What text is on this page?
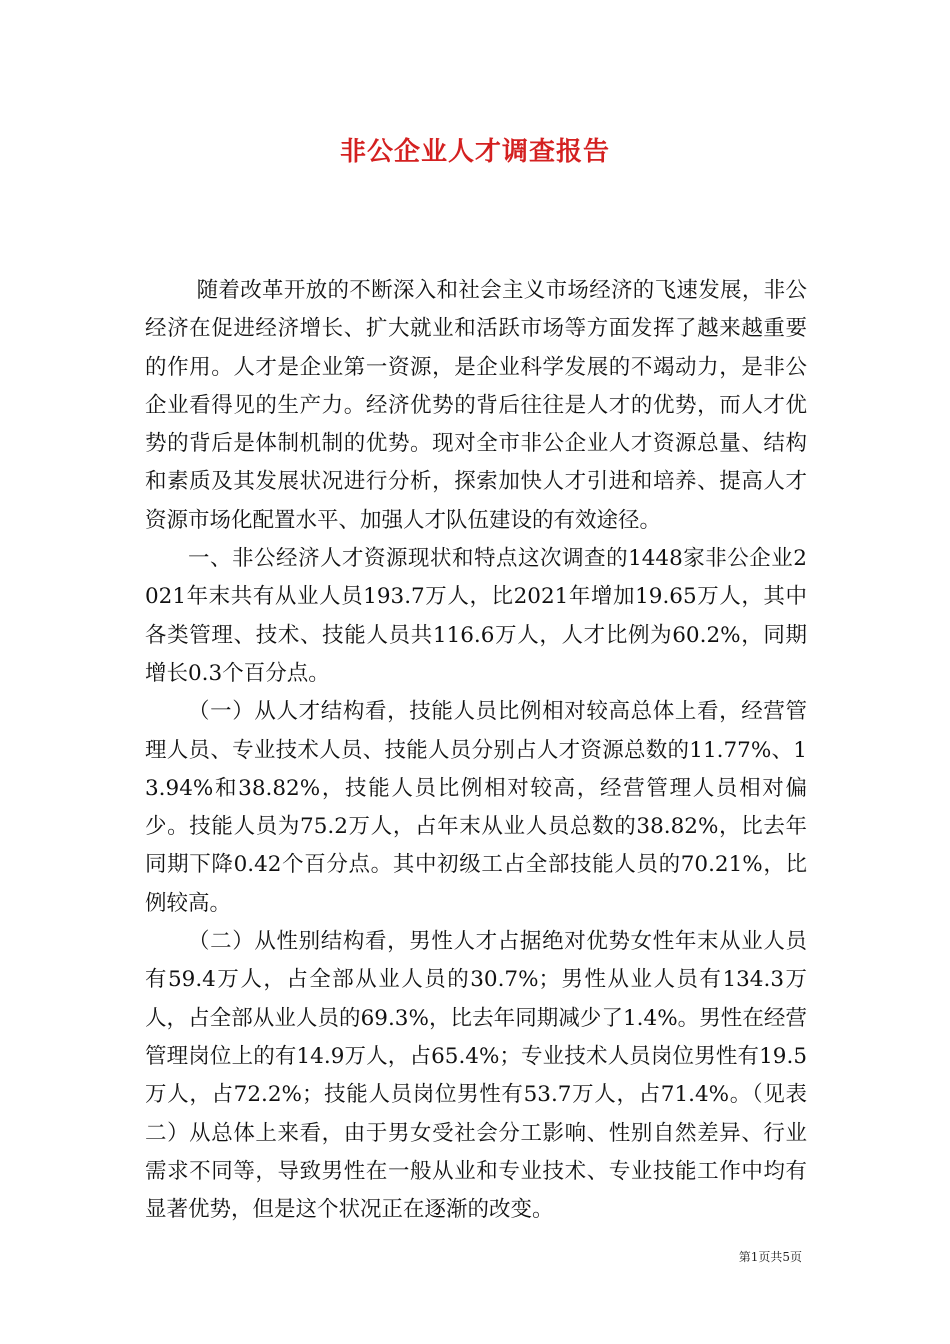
非公企业人才调查报告

随着改革开放的不断深入和社会主义市场经济的飞速发展，非公经济在促进经济增长、扩大就业和活跃市场等方面发挥了越来越重要的作用。人才是企业第一资源，是企业科学发展的不竭动力，是非公企业看得见的生产力。经济优势的背后往往是人才的优势，而人才优势的背后是体制机制的优势。现对全市非公企业人才资源总量、结构和素质及其发展状况进行分析，探索加快人才引进和培养、提高人才资源市场化配置水平、加强人才队伍建设的有效途径。

一、非公经济人才资源现状和特点这次调查的1448家非公企业2021年末共有从业人员193.7万人，比2021年增加19.65万人，其中各类管理、技术、技能人员共116.6万人，人才比例为60.2%，同期增长0.3个百分点。

（一）从人才结构看，技能人员比例相对较高总体上看，经营管理人员、专业技术人员、技能人员分别占人才资源总数的11.77%、13.94%和38.82%，技能人员比例相对较高，经营管理人员相对偏少。技能人员为75.2万人，占年末从业人员总数的38.82%，比去年同期下降0.42个百分点。其中初级工占全部技能人员的70.21%，比例较高。

（二）从性别结构看，男性人才占据绝对优势女性年末从业人员有59.4万人，占全部从业人员的30.7%；男性从业人员有134.3万人，占全部从业人员的69.3%，比去年同期减少了1.4%。男性在经营管理岗位上的有14.9万人，占65.4%；专业技术人员岗位男性有19.5万人，占72.2%；技能人员岗位男性有53.7万人，占71.4%。（见表二）从总体上来看，由于男女受社会分工影响、性别自然差异、行业需求不同等，导致男性在一般从业和专业技术、专业技能工作中均有显著优势，但是这个状况正在逐渐的改变。

第1页共5页
